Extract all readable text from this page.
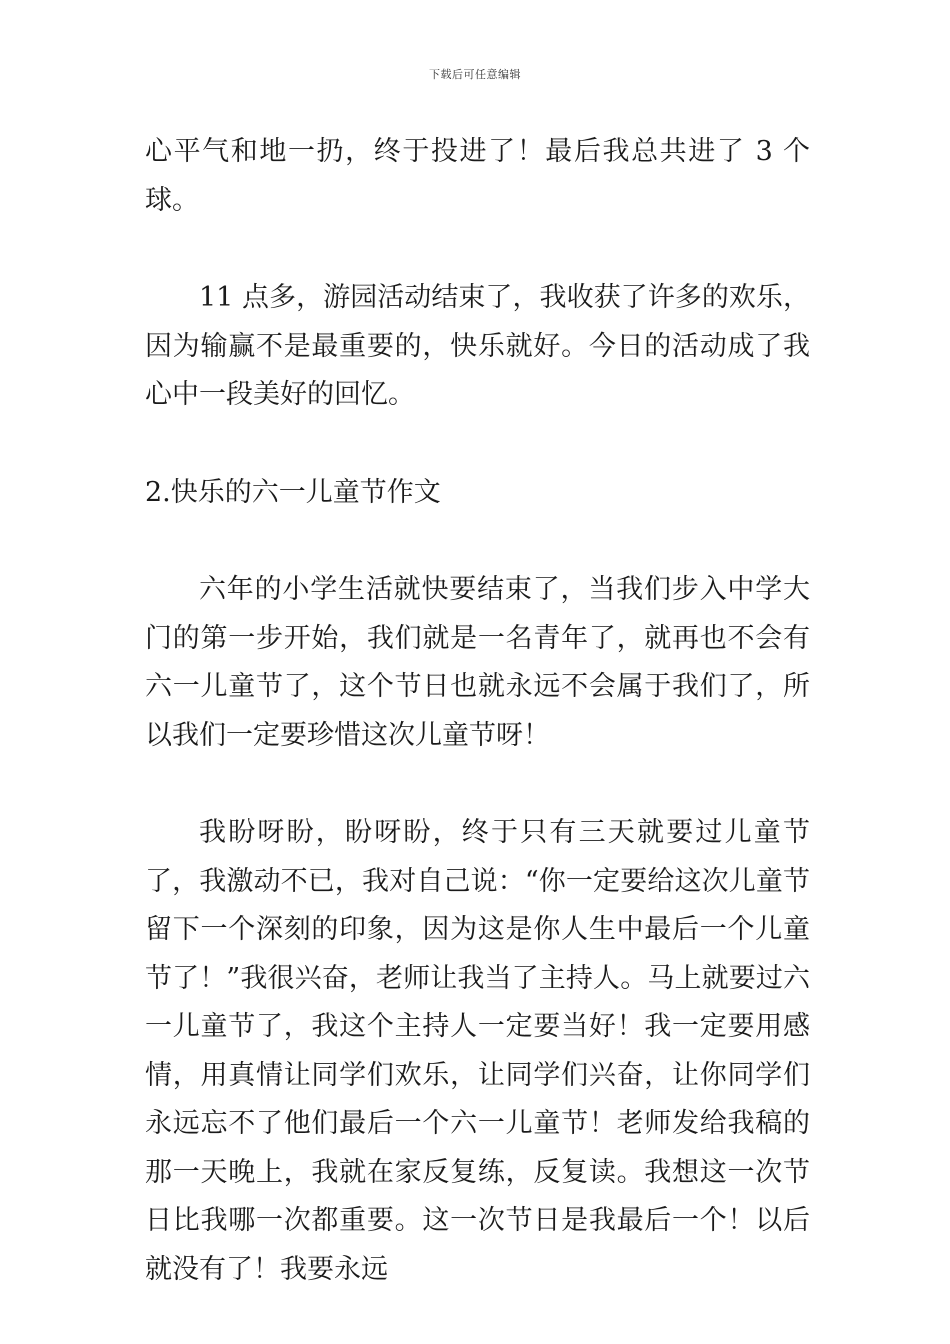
下载后可任意编辑

心平气和地一扔，终于投进了！最后我总共进了 3 个球。

11 点多，游园活动结束了，我收获了许多的欢乐，因为输赢不是最重要的，快乐就好。今日的活动成了我心中一段美好的回忆。

2.快乐的六一儿童节作文

六年的小学生活就快要结束了，当我们步入中学大门的第一步开始，我们就是一名青年了，就再也不会有六一儿童节了，这个节日也就永远不会属于我们了，所以我们一定要珍惜这次儿童节呀！

我盼呀盼，盼呀盼，终于只有三天就要过儿童节了，我激动不已，我对自己说：“你一定要给这次儿童节留下一个深刻的印象，因为这是你人生中最后一个儿童节了！”我很兴奋，老师让我当了主持人。马上就要过六一儿童节了，我这个主持人一定要当好！我一定要用感情，用真情让同学们欢乐，让同学们兴奋，让你同学们永远忘不了他们最后一个六一儿童节！老师发给我稿的那一天晚上，我就在家反复练，反复读。我想这一次节日比我哪一次都重要。这一次节日是我最后一个！以后就没有了！我要永远
